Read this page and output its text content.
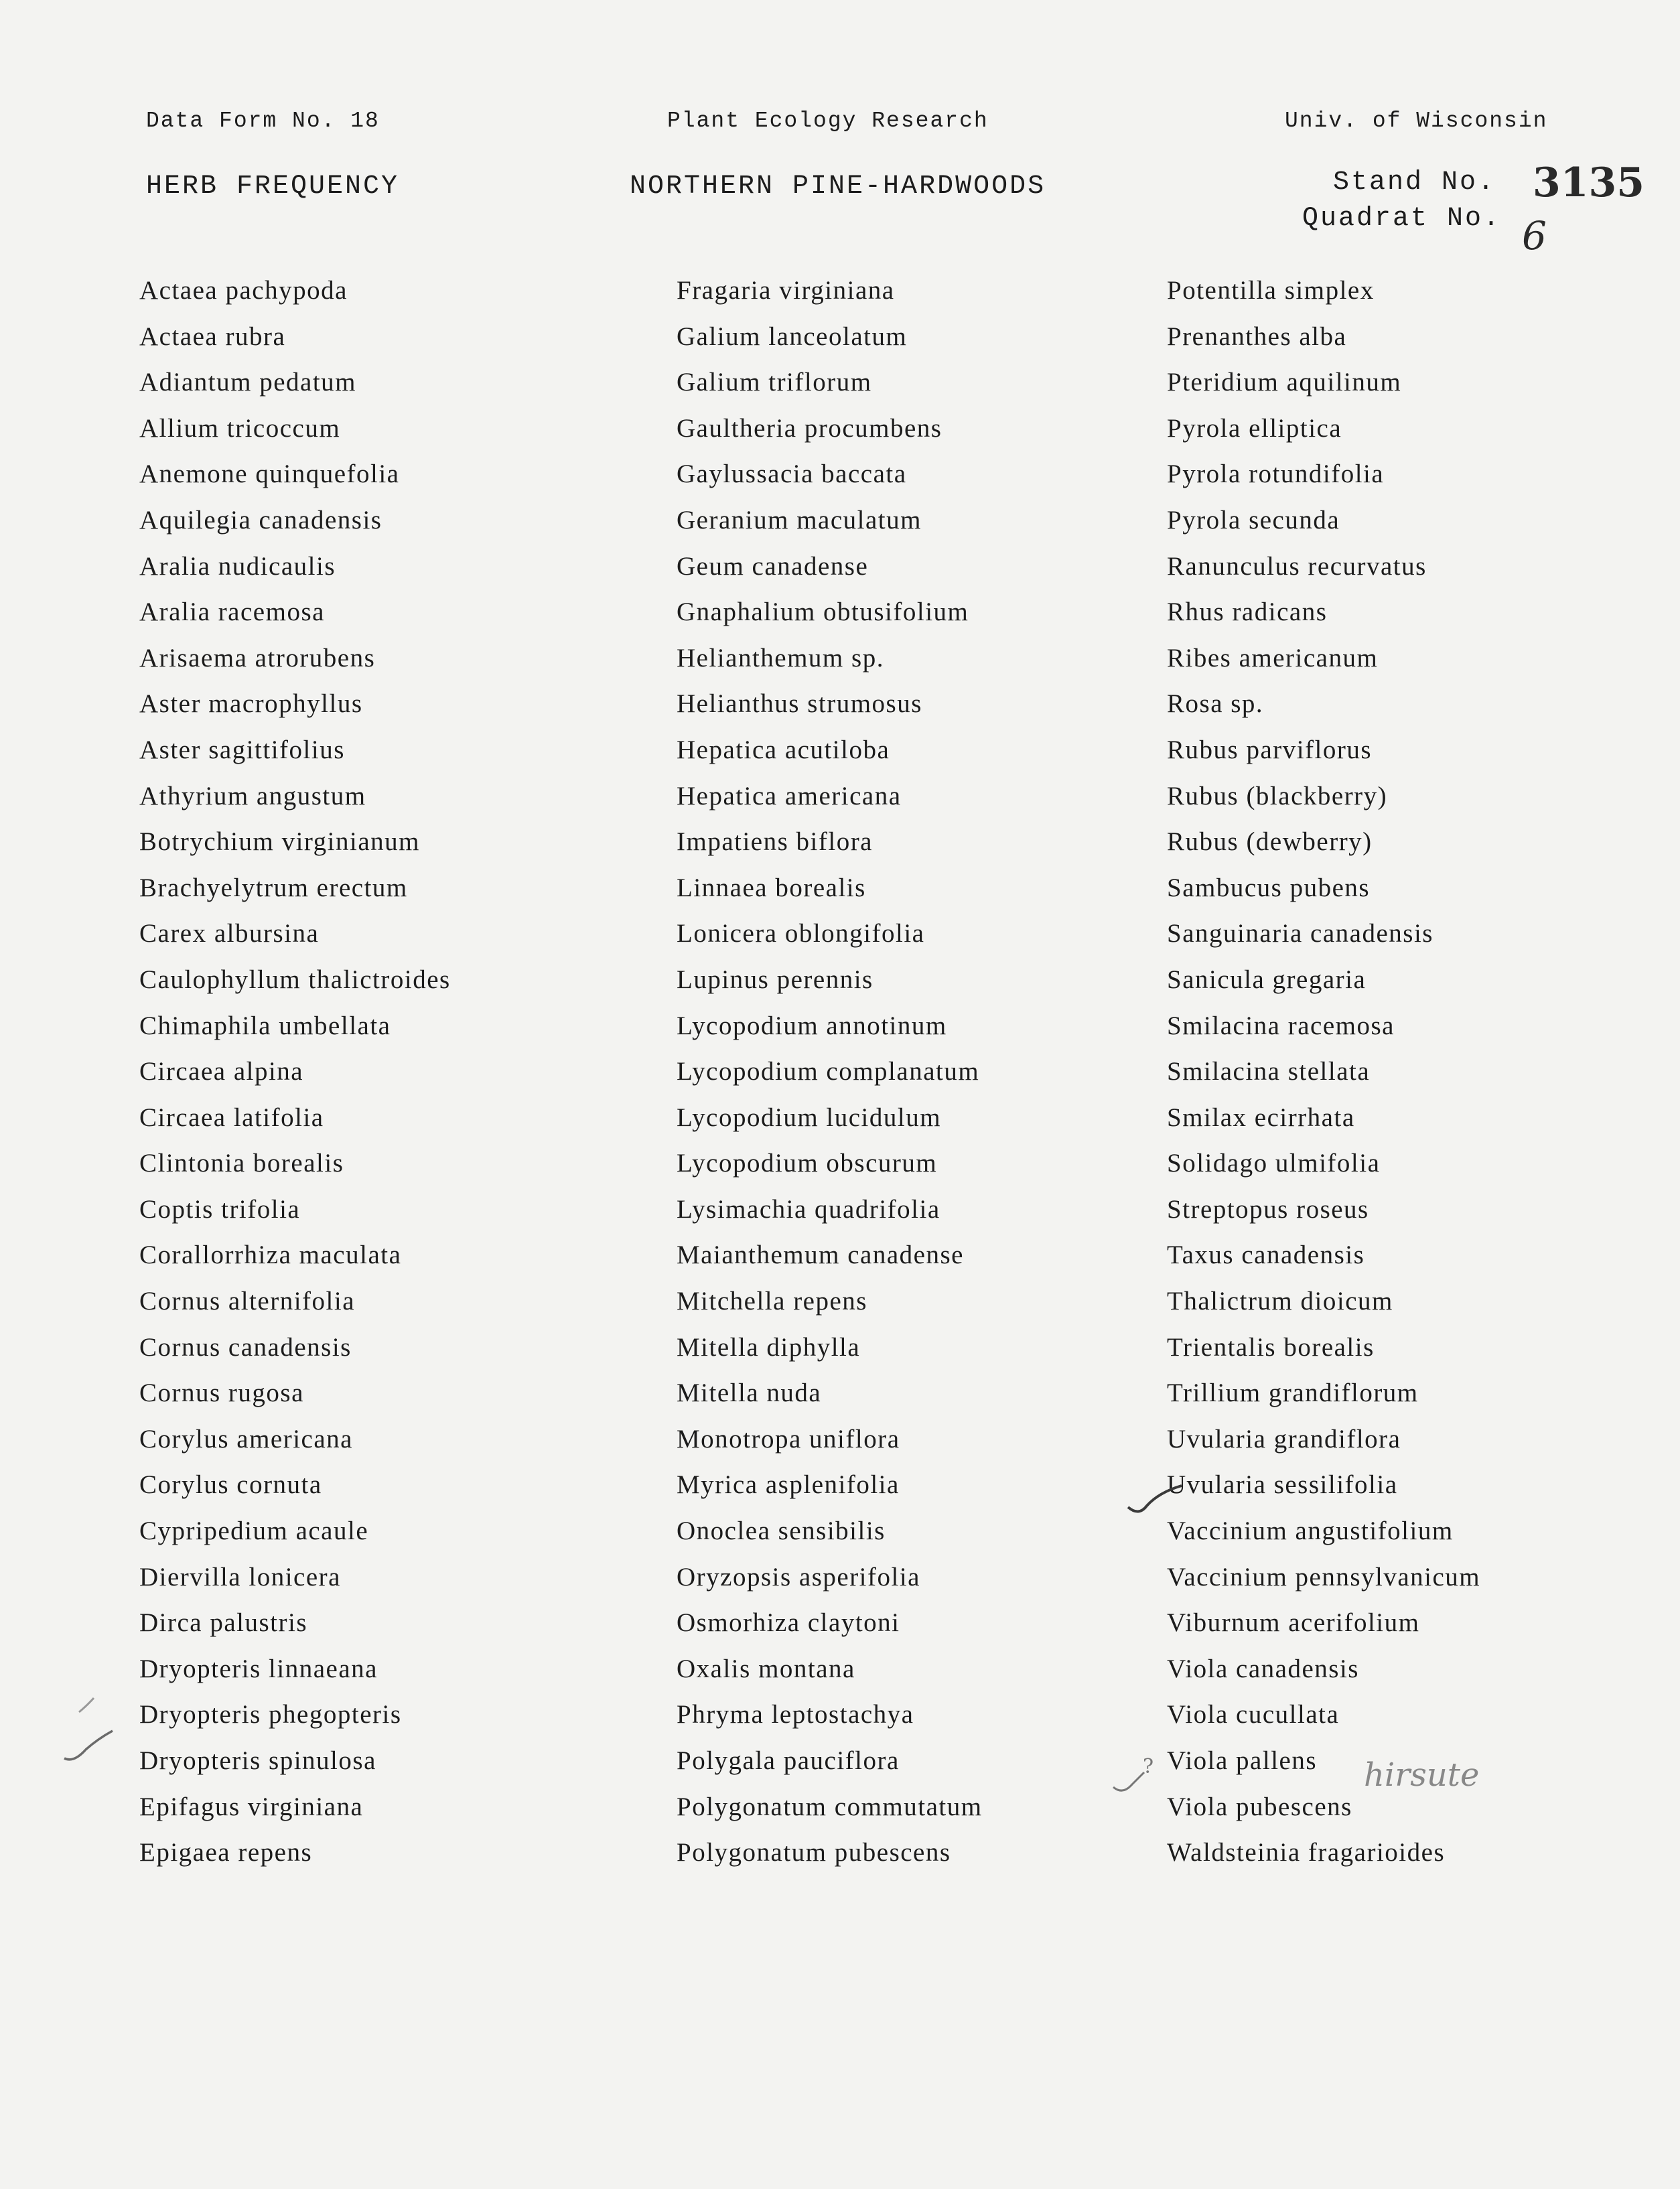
Data Form No. 18	Plant Ecology Research	Univ. of Wisconsin
HERB FREQUENCY	NORTHERN PINE-HARDWOODS	Stand No. 3135
Quadrat No. 6
Actaea pachypoda
Actaea rubra
Adiantum pedatum
Allium tricoccum
Anemone quinquefolia
Aquilegia canadensis
Aralia nudicaulis
Aralia racemosa
Arisaema atrorubens
Aster macrophyllus
Aster sagittifolius
Athyrium angustum
Botrychium virginianum
Brachyelytrum erectum
Carex albursina
Caulophyllum thalictroides
Chimaphila umbellata
Circaea alpina
Circaea latifolia
Clintonia borealis
Coptis trifolia
Corallorrhiza maculata
Cornus alternifolia
Cornus canadensis
Cornus rugosa
Corylus americana
Corylus cornuta
Cypripedium acaule
Diervilla lonicera
Dirca palustris
Dryopteris linnaeana
Dryopteris phegopteris
Dryopteris spinulosa
Epifagus virginiana
Epigaea repens
Fragaria virginiana
Galium lanceolatum
Galium triflorum
Gaultheria procumbens
Gaylussacia baccata
Geranium maculatum
Geum canadense
Gnaphalium obtusifolium
Helianthemum sp.
Helianthus strumosus
Hepatica acutiloba
Hepatica americana
Impatiens biflora
Linnaea borealis
Lonicera oblongifolia
Lupinus perennis
Lycopodium annotinum
Lycopodium complanatum
Lycopodium lucidulum
Lycopodium obscurum
Lysimachia quadrifolia
Maianthemum canadense
Mitchella repens
Mitella diphylla
Mitella nuda
Monotropa uniflora
Myrica asplenifolia
Onoclea sensibilis
Oryzopsis asperifolia
Osmorhiza claytoni
Oxalis montana
Phryma leptostachya
Polygala pauciflora
Polygonatum commutatum
Polygonatum pubescens
Potentilla simplex
Prenanthes alba
Pteridium aquilinum
Pyrola elliptica
Pyrola rotundifolia
Pyrola secunda
Ranunculus recurvatus
Rhus radicans
Ribes americanum
Rosa sp.
Rubus parviflorus
Rubus (blackberry)
Rubus (dewberry)
Sambucus pubens
Sanguinaria canadensis
Sanicula gregaria
Smilacina racemosa
Smilacina stellata
Smilax ecirrhata
Solidago ulmifolia
Streptopus roseus
Taxus canadensis
Thalictrum dioicum
Trientalis borealis
Trillium grandiflorum
Uvularia grandiflora
Uvularia sessilifolia
Vaccinium angustifolium
Vaccinium pennsylvanicum
Viburnum acerifolium
Viola canadensis
Viola cucullata
Viola pallens
Viola pubescens
Waldsteinia fragarioides
?	hirsute
